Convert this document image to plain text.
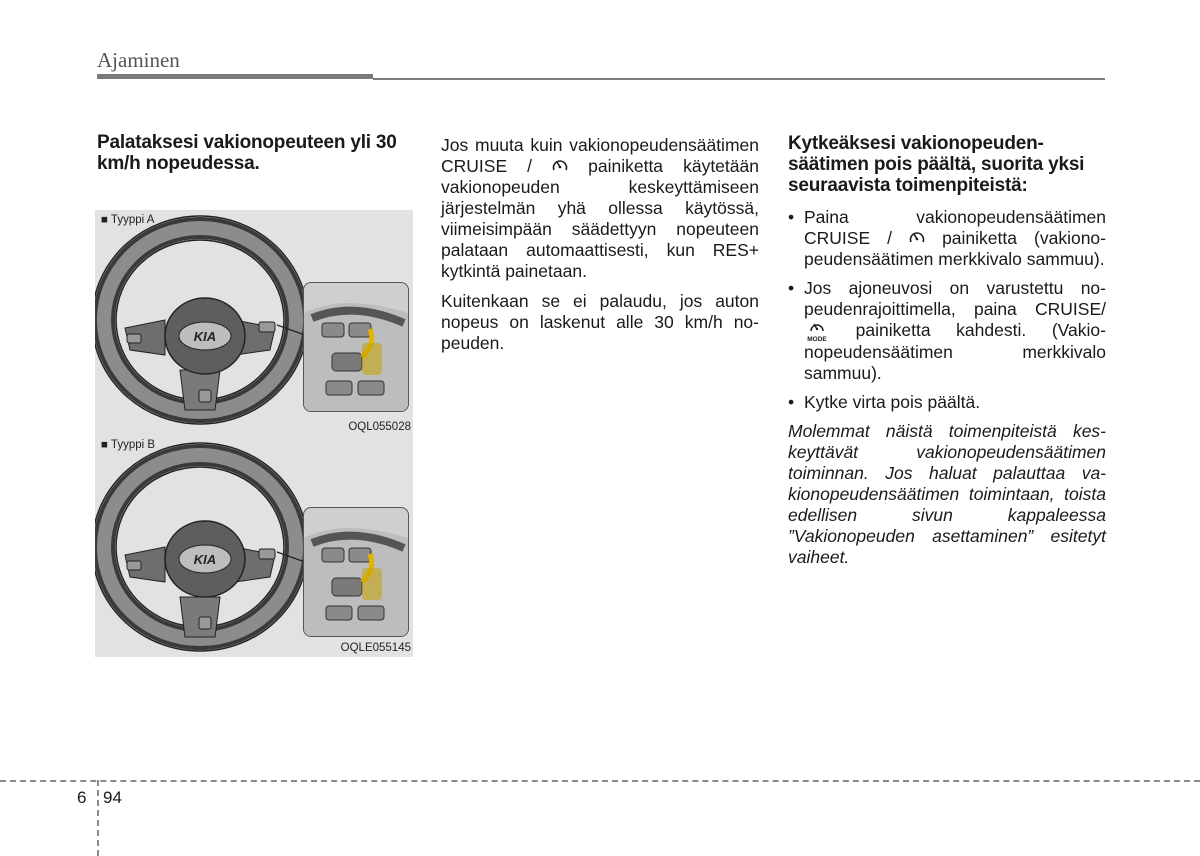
Ajaminen
Palataksesi vakionopeuteen yli 30 km/h nopeudessa.
KIA
■ Tyyppi A
OQL055028
KIA
■ Tyyppi B
OQLE055145

Jos muuta kuin vakionopeudensäätimen CRUISE /	painiketta käytetään vakionopeuden keskeyttämiseen järjestelmän yhä ollessa käytössä, viimeisimpään säädettyyn nopeuteen palataan automaattisesti, kun RES+ kytkintä painetaan.

Kuitenkaan se ei palaudu, jos auton nopeus on laskenut alle 30 km/h nopeuden.

Kytkeäksesi vakionopeudensäätimen pois päältä, suorita yksi seuraavista toimenpiteistä:
• Paina vakionopeudensäätimen CRUISE /	painiketta (vakionopeudensäätimen merkkivalo sammuu).
• Jos ajoneuvosi on varustettu nopeudenrajoittimella, paina CRUISE/
MODE painiketta kahdesti. (Vakionopeudensäätimen merkkivalo sammuu).
• Kytke virta pois päältä.
Molemmat näistä toimenpiteistä keskeyttävät vakionopeudensäätimen toiminnan. Jos haluat palauttaa vakionopeudensäätimen toimintaan, toista edellisen sivun kappaleessa ”Vakionopeuden asettaminen” esitetyt vaiheet.
6 94
